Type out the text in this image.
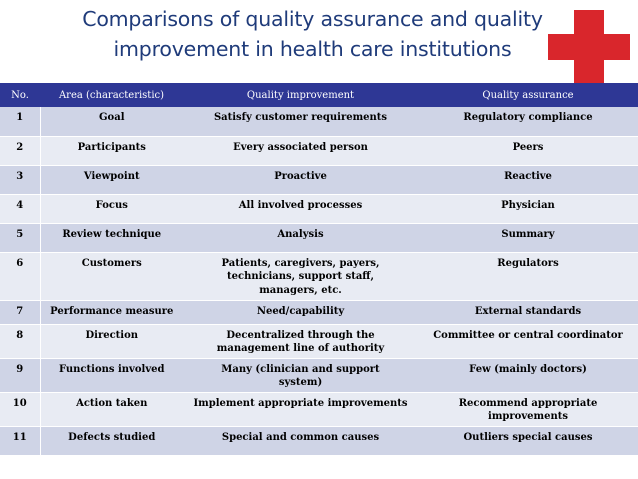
Comparisons of quality assurance and quality improvement in health care institutions
No.	Area (characteristic)	Quality improvement	Quality assurance
1	Goal	Satisfy customer requirements	Regulatory compliance
2	Participants	Every associated person	Peers
3	Viewpoint	Proactive	Reactive
4	Focus	All involved processes	Physician
5	Review technique	Analysis	Summary
6	Customers	Patients, caregivers, payers, technicians, support staff, managers, etc.	Regulators
7	Performance measure	Need/capability	External standards
8	Direction	Decentralized through the management line of authority	Committee or central coordinator
9	Functions involved	Many (clinician and support system)	Few (mainly doctors)
10	Action taken	Implement appropriate improvements	Recommend appropriate improvements
11	Defects studied	Special and common causes	Outliers special causes
